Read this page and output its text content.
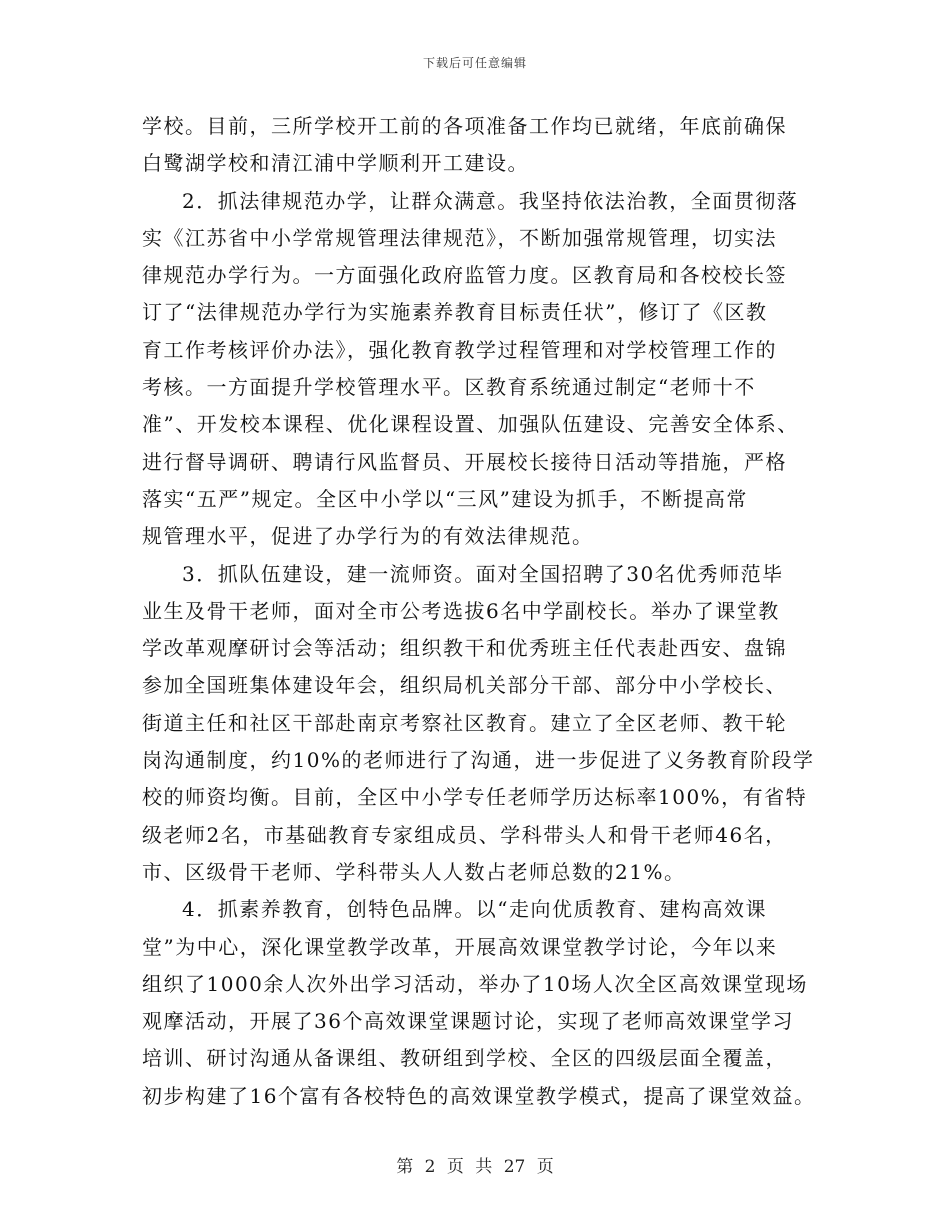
下载后可任意编辑
学校。目前，三所学校开工前的各项准备工作均已就绪，年底前确保
白鹭湖学校和清江浦中学顺利开工建设。
2．抓法律规范办学，让群众满意。我坚持依法治教，全面贯彻落
实《江苏省中小学常规管理法律规范》，不断加强常规管理，切实法
律规范办学行为。一方面强化政府监管力度。区教育局和各校校长签
订了“法律规范办学行为实施素养教育目标责任状”，修订了《区教
育工作考核评价办法》，强化教育教学过程管理和对学校管理工作的
考核。一方面提升学校管理水平。区教育系统通过制定“老师十不
准”、开发校本课程、优化课程设置、加强队伍建设、完善安全体系、
进行督导调研、聘请行风监督员、开展校长接待日活动等措施，严格
落实“五严”规定。全区中小学以“三风”建设为抓手，不断提高常
规管理水平，促进了办学行为的有效法律规范。
3．抓队伍建设，建一流师资。面对全国招聘了30名优秀师范毕
业生及骨干老师，面对全市公考选拔6名中学副校长。举办了课堂教
学改革观摩研讨会等活动；组织教干和优秀班主任代表赴西安、盘锦
参加全国班集体建设年会，组织局机关部分干部、部分中小学校长、
街道主任和社区干部赴南京考察社区教育。建立了全区老师、教干轮
岗沟通制度，约10%的老师进行了沟通，进一步促进了义务教育阶段学
校的师资均衡。目前，全区中小学专任老师学历达标率100%，有省特
级老师2名，市基础教育专家组成员、学科带头人和骨干老师46名，
市、区级骨干老师、学科带头人人数占老师总数的21%。
4．抓素养教育，创特色品牌。以“走向优质教育、建构高效课
堂”为中心，深化课堂教学改革，开展高效课堂教学讨论，今年以来
组织了1000余人次外出学习活动，举办了10场人次全区高效课堂现场
观摩活动，开展了36个高效课堂课题讨论，实现了老师高效课堂学习
培训、研讨沟通从备课组、教研组到学校、全区的四级层面全覆盖，
初步构建了16个富有各校特色的高效课堂教学模式，提高了课堂效益。
第 2 页 共 27 页
